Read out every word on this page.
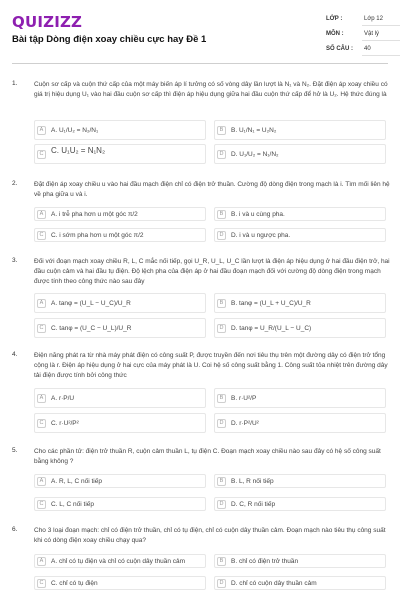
QUIZIZZ
Bài tập Dòng điện xoay chiều cực hay Đề 1
LỚP :	Lớp 12
MÔN :	Vật lý
SỐ CÂU : 40
1.	Cuộn sơ cấp và cuộn thứ cấp của một máy biến áp lí tưởng có số vòng dây lần lượt là N₁ và N₂. Đặt điện áp xoay chiều có giá trị hiệu dụng U₁ vào hai đầu cuộn sơ cấp thì điện áp hiệu dụng giữa hai đầu cuộn thứ cấp để hở là U₂. Hệ thức đúng là
A	A. U₁/U₂ = N₂/N₁	B	B. U₁/N₁ = U₂N₂
C C. U₁U₂ = N₁N₂	D	D. U₁/U₂ = N₁/N₂
2.	Đặt điện áp xoay chiều u vào hai đầu mạch điện chỉ có điện trở thuần. Cường độ dòng điện trong mạch là i. Tìm mối liên hệ về pha giữa u và i.
A	A. i trễ pha hơn u một góc π/2	B	B. i và u cùng pha.
C	C. i sớm pha hơn u một góc π/2	D	D. i và u ngược pha.
3.	Đối với đoạn mạch xoay chiều R, L, C mắc nối tiếp, gọi U_R, U_L, U_C lần lượt là điện áp hiệu dụng ở hai đầu điện trở, hai đầu cuộn cảm và hai đầu tụ điện. Độ lệch pha của điện áp ở hai đầu đoạn mạch đối với cường độ dòng điện trong mạch được tính theo công thức nào sau đây
A	A. tanφ = (U_L − U_C)/U_R	B	B. tanφ = (U_L + U_C)/U_R
C	C. tanφ = (U_C − U_L)/U_R	D	D. tanφ = U_R/(U_L − U_C)
4.	Điện năng phát ra từ nhà máy phát điện có công suất P, được truyền đến nơi tiêu thụ trên một đường dây có điện trở tổng cộng là r. Điện áp hiệu dụng ở hai cực của máy phát là U. Coi hệ số công suất bằng 1. Công suất tỏa nhiệt trên đường dây tải điện được tính bởi công thức
A	A. r·P/U	B	B. r·U²/P
C	C. r·U²/P²	D	D. r·P²/U²
5.	Cho các phần tử: điện trở thuần R, cuộn cảm thuần L, tụ điện C. Đoạn mạch xoay chiều nào sau đây có hệ số công suất bằng không ?
A	A. R, L, C nối tiếp	B	B. L, R nối tiếp
C	C. L, C nối tiếp	D	D. C, R nối tiếp
6.	Cho 3 loại đoạn mạch: chỉ có điện trở thuần, chỉ có tụ điện, chỉ có cuộn dây thuần cảm. Đoạn mạch nào tiêu thụ công suất khi có dòng điện xoay chiều chạy qua?
A	A. chỉ có tụ điện và chỉ có cuộn dây thuần cảm	B	B. chỉ có điện trở thuần
C	C. chỉ có tụ điện	D	D. chỉ có cuộn dây thuần cảm
